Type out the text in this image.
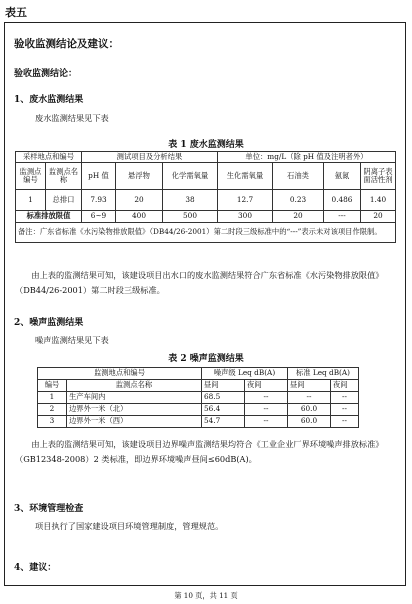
表五
验收监测结论及建议：
验收监测结论：
1、废水监测结果
废水监测结果见下表
表 1 废水监测结果
采样地点和编号		测试项目及分析结果			单位：mg/L（除 pH 值及注明者外）			
监测点编号	监测点名称	pH 值	悬浮物	化学需氧量	生化需氧量	石油类	氨氮	阴离子表面活性剂
1	总排口	7.93	20	38	12.7	0.23	0.486	1.40
标准排放限值		6~9	400	500	300	20	---	20
备注：广东省标准《水污染物排放限值》（DB44/26-2001）第二时段三级标准中的“---”表示未对该项目作限制。								
由上表的监测结果可知，该建设项目出水口的废水监测结果符合广东省标准《水污染物排放限值》（DB44/26-2001）第二时段三级标准。
2、噪声监测结果
噪声监测结果见下表
表 2 噪声监测结果
监测地点和编号		噪声级 Leq dB(A)		标准 Leq dB(A)	
编号	监测点名称	昼间	夜间	昼间	夜间
1	生产车间内	68.5	--	--	--
2	边界外一米（北）	56.4	--	60.0	--
3	边界外一米（西）	54.7	--	60.0	--
由上表的监测结果可知，该建设项目边界噪声监测结果均符合《工业企业厂界环境噪声排放标准》（GB12348-2008）2 类标准，即边界环境噪声昼间≤60dB(A)。
3、环境管理检查
项目执行了国家建设项目环境管理制度，管理规范。
4、建议：
第 10 页，共 11 页
